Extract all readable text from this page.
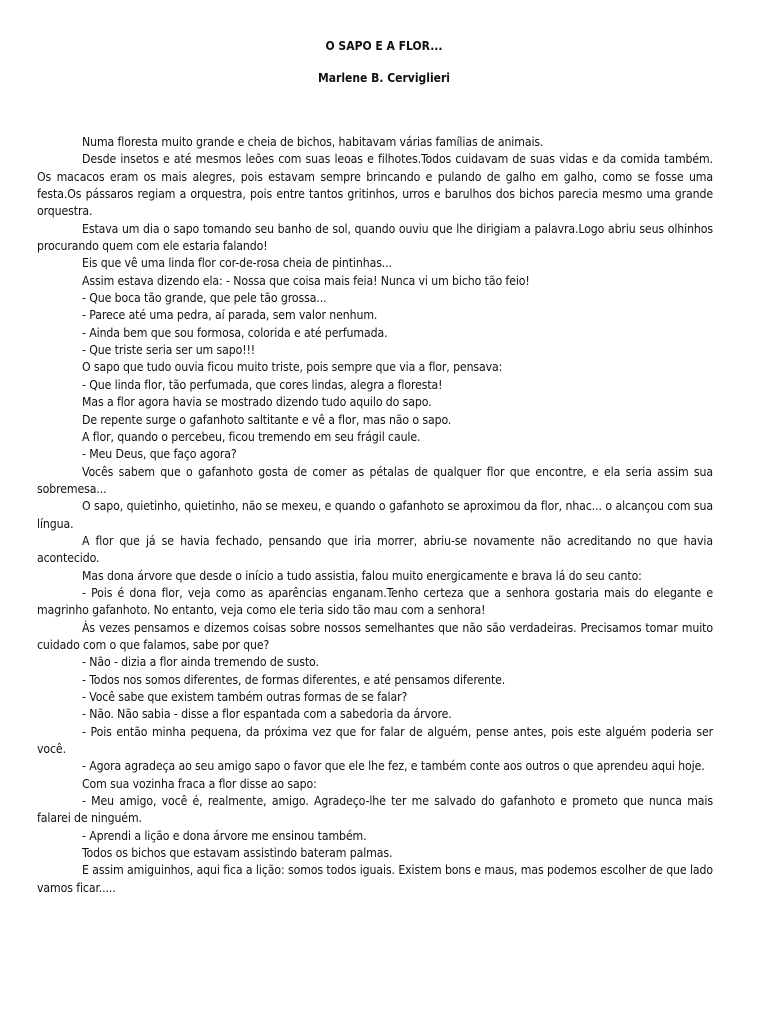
O SAPO E A FLOR...
Marlene B. Cerviglieri

Numa floresta muito grande e cheia de bichos, habitavam várias famílias de animais.

Desde insetos e até mesmos leões com suas leoas e filhotes.Todos cuidavam de suas vidas e da comida também. Os macacos eram os mais alegres, pois estavam sempre brincando e pulando de galho em galho, como se fosse uma festa.Os pássaros regiam a orquestra, pois entre tantos gritinhos, urros e barulhos dos bichos parecia mesmo uma grande orquestra.

Estava um dia o sapo tomando seu banho de sol, quando ouviu que lhe dirigiam a palavra.Logo abriu seus olhinhos procurando quem com ele estaria falando!

Eis que vê uma linda flor cor-de-rosa cheia de pintinhas...

Assim estava dizendo ela: - Nossa que coisa mais feia! Nunca vi um bicho tão feio!

- Que boca tão grande, que pele tão grossa...

- Parece até uma pedra, aí parada, sem valor nenhum.

- Ainda bem que sou formosa, colorida e até perfumada.

- Que triste seria ser um sapo!!!

O sapo que tudo ouvia ficou muito triste, pois sempre que via a flor, pensava:

- Que linda flor, tão perfumada, que cores lindas, alegra a floresta!

Mas a flor agora havia se mostrado dizendo tudo aquilo do sapo.

De repente surge o gafanhoto saltitante e vê a flor, mas não o sapo.

A flor, quando o percebeu, ficou tremendo em seu frágil caule.

- Meu Deus, que faço agora?

Vocês sabem que o gafanhoto gosta de comer as pétalas de qualquer flor que encontre, e ela seria assim sua sobremesa...

O sapo, quietinho, quietinho, não se mexeu, e quando o gafanhoto se aproximou da flor, nhac... o alcançou com sua língua.

A flor que já se havia fechado, pensando que iria morrer, abriu-se novamente não acreditando no que havia acontecido.

Mas dona árvore que desde o início a tudo assistia, falou muito energicamente e brava lá do seu canto:

- Pois é dona flor, veja como as aparências enganam.Tenho certeza que a senhora gostaria mais do elegante e magrinho gafanhoto. No entanto, veja como ele teria sido tão mau com a senhora!

Às vezes pensamos e dizemos coisas sobre nossos semelhantes que não são verdadeiras. Precisamos tomar muito cuidado com o que falamos, sabe por que?

- Não - dizia a flor ainda tremendo de susto.

- Todos nos somos diferentes, de formas diferentes, e até pensamos diferente.

- Você sabe que existem também outras formas de se falar?

- Não. Não sabia - disse a flor espantada com a sabedoria da árvore.

- Pois então minha pequena, da próxima vez que for falar de alguém, pense antes, pois este alguém poderia ser você.

- Agora agradeça ao seu amigo sapo o favor que ele lhe fez, e também conte aos outros o que aprendeu aqui hoje.

Com sua vozinha fraca a flor disse ao sapo:

- Meu amigo, você é, realmente, amigo. Agradeço-lhe ter me salvado do gafanhoto e prometo que nunca mais falarei de ninguém.

- Aprendi a lição e dona árvore me ensinou também.

Todos os bichos que estavam assistindo bateram palmas.

E assim amiguinhos, aqui fica a lição: somos todos iguais. Existem bons e maus, mas podemos escolher de que lado vamos ficar.....
